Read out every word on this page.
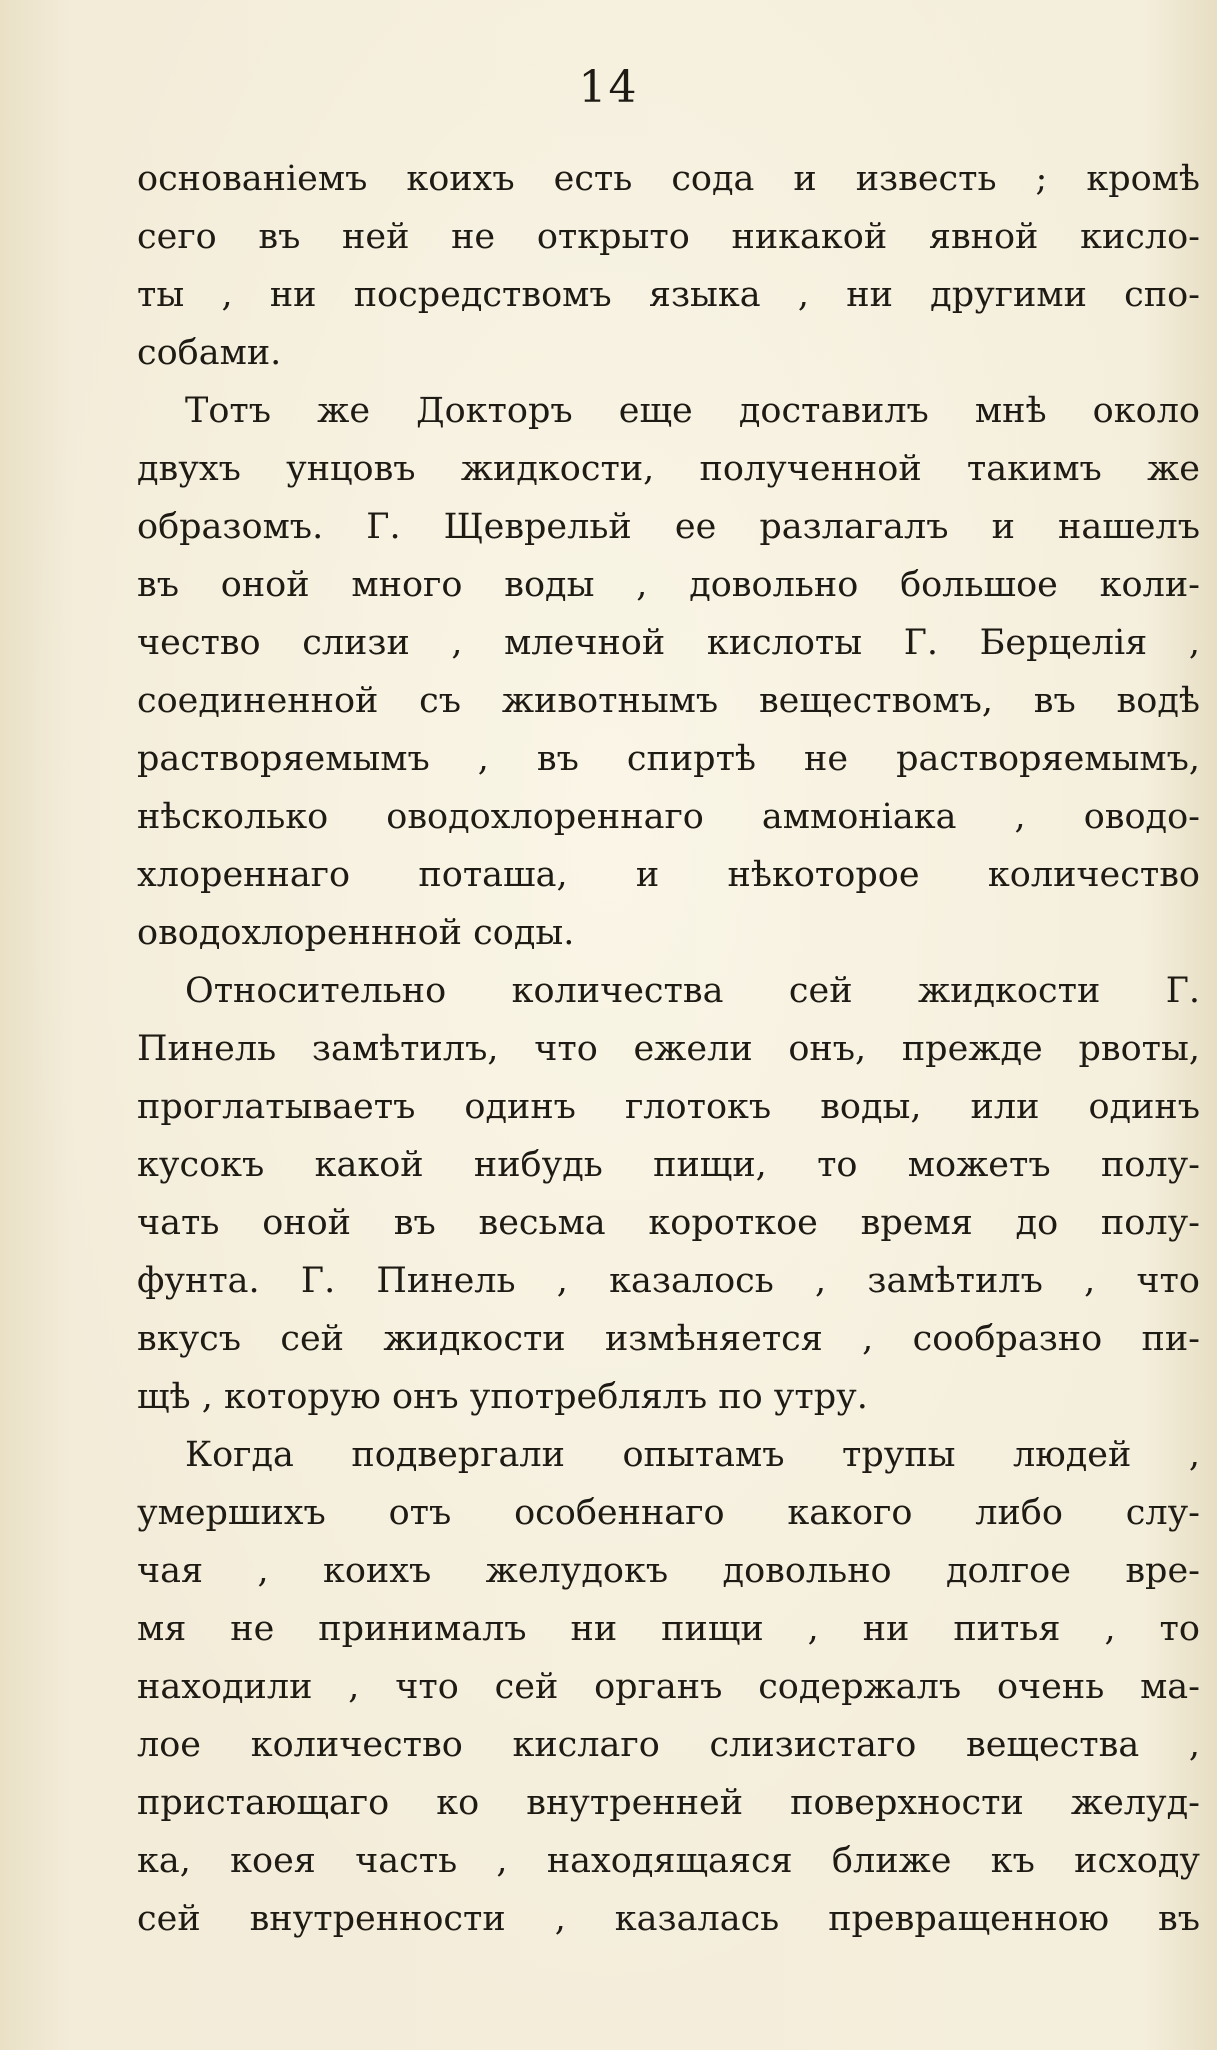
14
основанiемъ коихъ есть сода и известь ; кромѣ
сего въ ней не открыто никакой явной кисло-
ты , ни посредствомъ языка , ни другими спо-
собами.
Тотъ же Докторъ еще доставилъ мнѣ около
двухъ унцовъ жидкости, полученной такимъ же
образомъ. Г. Щеврельй ее разлагалъ и нашелъ
въ оной много воды , довольно большое коли-
чество слизи , млечной кислоты Г. Берцелiя ,
соединенной съ животнымъ веществомъ, въ водѣ
растворяемымъ , въ спиртѣ не растворяемымъ,
нѣсколько оводохлореннаго аммонiака , оводо-
хлореннаго поташа, и нѣкоторое количество
оводохлореннной соды.
Относительно количества сей жидкости Г.
Пинель замѣтилъ, что ежели онъ, прежде рвоты,
проглатываетъ одинъ глотокъ воды, или одинъ
кусокъ какой нибудь пищи, то можетъ полу-
чать оной въ весьма короткое время до полу-
фунта. Г. Пинель , казалось , замѣтилъ , что
вкусъ сей жидкости измѣняется , сообразно пи-
щѣ , которую онъ употреблялъ по утру.
Когда подвергали опытамъ трупы людей ,
умершихъ отъ особеннаго какого либо слу-
чая , коихъ желудокъ довольно долгое вре-
мя не принималъ ни пищи , ни питья , то
находили , что сей органъ содержалъ очень ма-
лое количество кислаго слизистаго вещества ,
пристающаго ко внутренней поверхности желуд-
ка, коея часть , находящаяся ближе къ исходу
сей внутренности , казалась превращенною въ
